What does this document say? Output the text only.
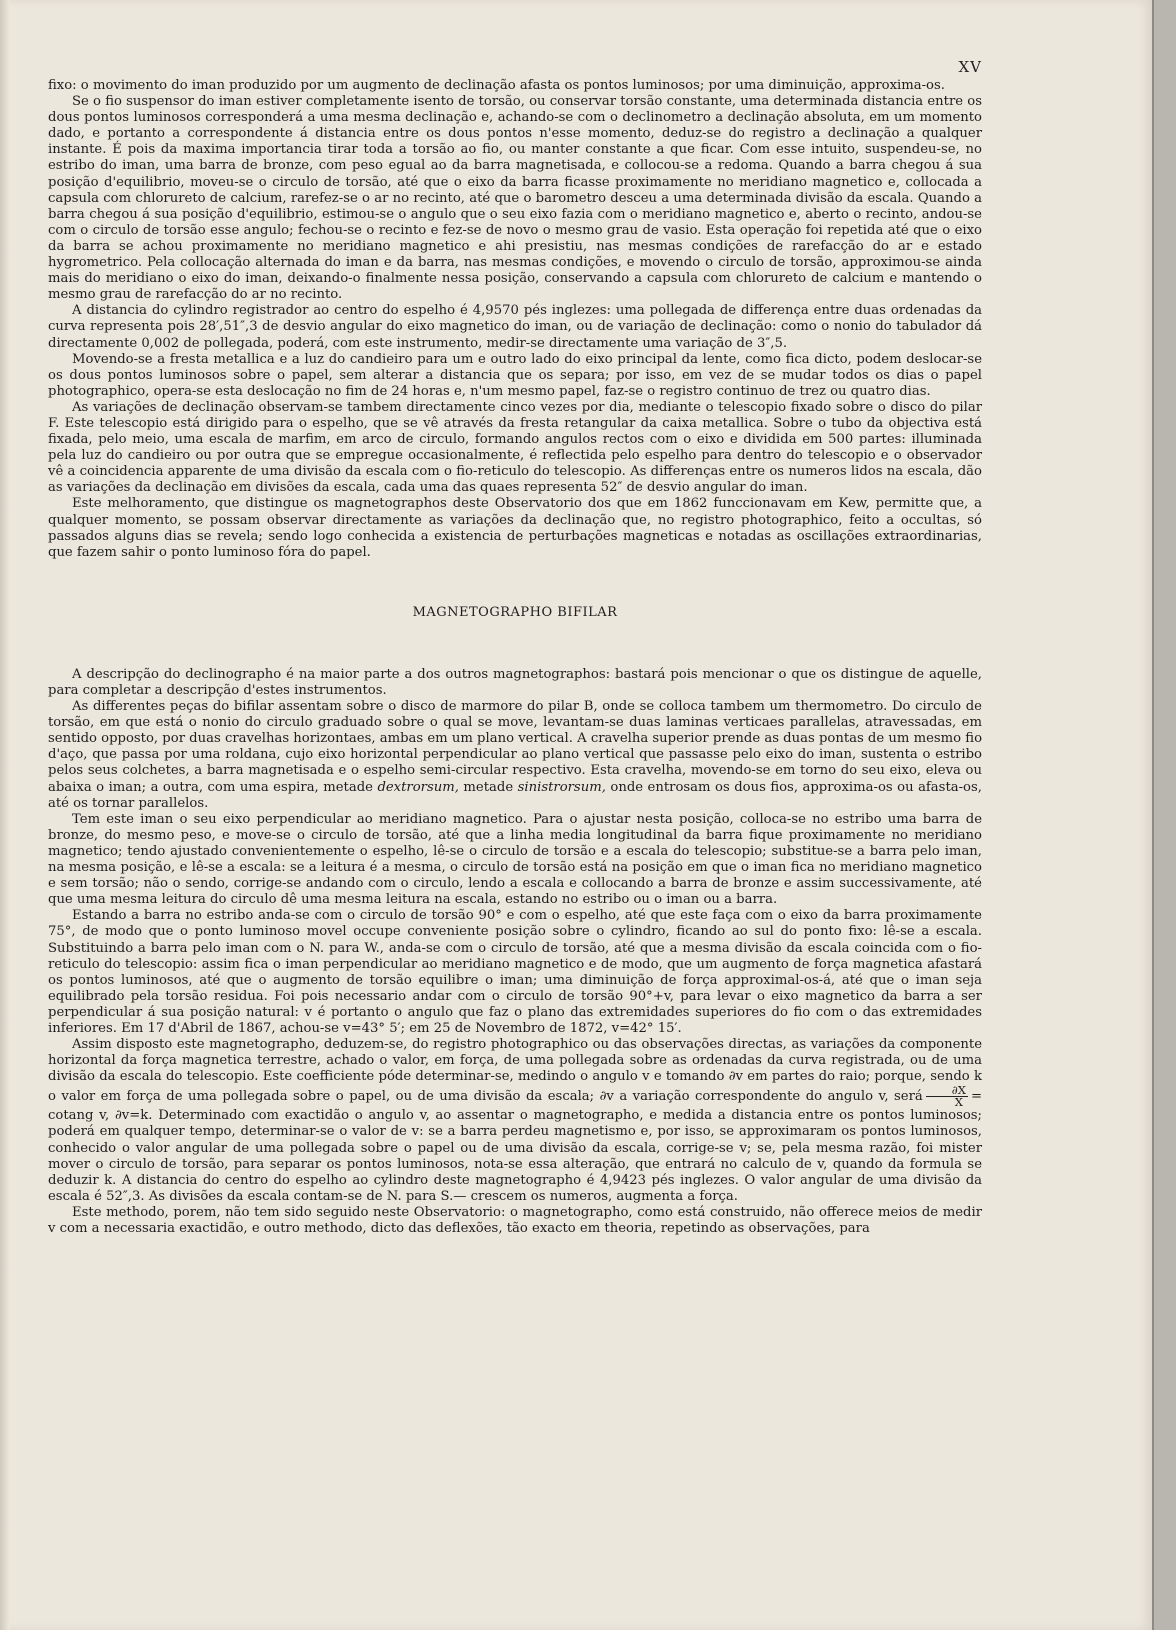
XV

fixo: o movimento do iman produzido por um augmento de declinação afasta os pontos luminosos; por uma diminuição, approxima-os.

Se o fio suspensor do iman estiver completamente isento de torsão, ou conservar torsão constante, uma determinada distancia entre os dous pontos luminosos corresponderá a uma mesma declinação e, achando-se com o declinometro a declinação absoluta, em um momento dado, e portanto a correspondente á distancia entre os dous pontos n'esse momento, deduz-se do registro a declinação a qualquer instante. É pois da maxima importancia tirar toda a torsão ao fio, ou manter constante a que ficar. Com esse intuito, suspendeu-se, no estribo do iman, uma barra de bronze, com peso egual ao da barra magnetisada, e collocou-se a redoma. Quando a barra chegou á sua posição d'equilibrio, moveu-se o circulo de torsão, até que o eixo da barra ficasse proximamente no meridiano magnetico e, collocada a capsula com chlorureto de calcium, rarefez-se o ar no recinto, até que o barometro desceu a uma determinada divisão da escala. Quando a barra chegou á sua posição d'equilibrio, estimou-se o angulo que o seu eixo fazia com o meridiano magnetico e, aberto o recinto, andou-se com o circulo de torsão esse angulo; fechou-se o recinto e fez-se de novo o mesmo grau de vasio. Esta operação foi repetida até que o eixo da barra se achou proximamente no meridiano magnetico e ahi presistiu, nas mesmas condições de rarefacção do ar e estado hygrometrico. Pela collocação alternada do iman e da barra, nas mesmas condições, e movendo o circulo de torsão, approximou-se ainda mais do meridiano o eixo do iman, deixando-o finalmente nessa posição, conservando a capsula com chlorureto de calcium e mantendo o mesmo grau de rarefacção do ar no recinto.

A distancia do cylindro registrador ao centro do espelho é 4,9570 pés inglezes: uma pollegada de differença entre duas ordenadas da curva representa pois 28′,51″,3 de desvio angular do eixo magnetico do iman, ou de variação de declinação: como o nonio do tabulador dá directamente 0,002 de pollegada, poderá, com este instrumento, medir-se directamente uma variação de 3″,5.

Movendo-se a fresta metallica e a luz do candieiro para um e outro lado do eixo principal da lente, como fica dicto, podem deslocar-se os dous pontos luminosos sobre o papel, sem alterar a distancia que os separa; por isso, em vez de se mudar todos os dias o papel photographico, opera-se esta deslocação no fim de 24 horas e, n'um mesmo papel, faz-se o registro continuo de trez ou quatro dias.

As variações de declinação observam-se tambem directamente cinco vezes por dia, mediante o telescopio fixado sobre o disco do pilar F. Este telescopio está dirigido para o espelho, que se vê através da fresta retangular da caixa metallica. Sobre o tubo da objectiva está fixada, pelo meio, uma escala de marfim, em arco de circulo, formando angulos rectos com o eixo e dividida em 500 partes: illuminada pela luz do candieiro ou por outra que se empregue occasionalmente, é reflectida pelo espelho para dentro do telescopio e o observador vê a coincidencia apparente de uma divisão da escala com o fio-reticulo do telescopio. As differenças entre os numeros lidos na escala, dão as variações da declinação em divisões da escala, cada uma das quaes representa 52″ de desvio angular do iman.

Este melhoramento, que distingue os magnetographos deste Observatorio dos que em 1862 funccionavam em Kew, permitte que, a qualquer momento, se possam observar directamente as variações da declinação que, no registro photographico, feito a occultas, só passados alguns dias se revela; sendo logo conhecida a existencia de perturbações magneticas e notadas as oscillações extraordinarias, que fazem sahir o ponto luminoso fóra do papel.

MAGNETOGRAPHO BIFILAR

A descripção do declinographo é na maior parte a dos outros magnetographos: bastará pois mencionar o que os distingue de aquelle, para completar a descripção d'estes instrumentos.

As differentes peças do bifilar assentam sobre o disco de marmore do pilar B, onde se colloca tambem um thermometro. Do circulo de torsão, em que está o nonio do circulo graduado sobre o qual se move, levantam-se duas laminas verticaes parallelas, atravessadas, em sentido opposto, por duas cravelhas horizontaes, ambas em um plano vertical. A cravelha superior prende as duas pontas de um mesmo fio d'aço, que passa por uma roldana, cujo eixo horizontal perpendicular ao plano vertical que passasse pelo eixo do iman, sustenta o estribo pelos seus colchetes, a barra magnetisada e o espelho semi-circular respectivo. Esta cravelha, movendo-se em torno do seu eixo, eleva ou abaixa o iman; a outra, com uma espira, metade dextrorsum, metade sinistrorsum, onde entrosam os dous fios, approxima-os ou afasta-os, até os tornar parallelos.

Tem este iman o seu eixo perpendicular ao meridiano magnetico. Para o ajustar nesta posição, colloca-se no estribo uma barra de bronze, do mesmo peso, e move-se o circulo de torsão, até que a linha media longitudinal da barra fique proximamente no meridiano magnetico; tendo ajustado convenientemente o espelho, lê-se o circulo de torsão e a escala do telescopio; substitue-se a barra pelo iman, na mesma posição, e lê-se a escala: se a leitura é a mesma, o circulo de torsão está na posição em que o iman fica no meridiano magnetico e sem torsão; não o sendo, corrige-se andando com o circulo, lendo a escala e collocando a barra de bronze e assim successivamente, até que uma mesma leitura do circulo dê uma mesma leitura na escala, estando no estribo ou o iman ou a barra.

Estando a barra no estribo anda-se com o circulo de torsão 90° e com o espelho, até que este faça com o eixo da barra proximamente 75°, de modo que o ponto luminoso movel occupe conveniente posição sobre o cylindro, ficando ao sul do ponto fixo: lê-se a escala. Substituindo a barra pelo iman com o N. para W., anda-se com o circulo de torsão, até que a mesma divisão da escala coincida com o fio-reticulo do telescopio: assim fica o iman perpendicular ao meridiano magnetico e de modo, que um augmento de força magnetica afastará os pontos luminosos, até que o augmento de torsão equilibre o iman; uma diminuição de força approximal-os-á, até que o iman seja equilibrado pela torsão residua. Foi pois necessario andar com o circulo de torsão 90°+v, para levar o eixo magnetico da barra a ser perpendicular á sua posição natural: v é portanto o angulo que faz o plano das extremidades superiores do fio com o das extremidades inferiores. Em 17 d'Abril de 1867, achou-se v=43° 5′; em 25 de Novembro de 1872, v=42° 15′.

Assim disposto este magnetographo, deduzem-se, do registro photographico ou das observações directas, as variações da componente horizontal da força magnetica terrestre, achado o valor, em força, de uma pollegada sobre as ordenadas da curva registrada, ou de uma divisão da escala do telescopio. Este coefficiente póde determinar-se, medindo o angulo v e tomando ∂v em partes do raio; porque, sendo k o valor em força de uma pollegada sobre o papel, ou de uma divisão da escala; ∂v a variação correspondente do angulo v, será $\frac{\partial X}{X} = cotang$ v, ∂v=k. Determinado com exactidão o angulo v, ao assentar o magnetographo, e medida a distancia entre os pontos luminosos; poderá em qualquer tempo, determinar-se o valor de v: se a barra perdeu magnetismo e, por isso, se approximaram os pontos luminosos, conhecido o valor angular de uma pollegada sobre o papel ou de uma divisão da escala, corrige-se v; se, pela mesma razão, foi mister mover o circulo de torsão, para separar os pontos luminosos, nota-se essa alteração, que entrará no calculo de v, quando da formula se deduzir k. A distancia do centro do espelho ao cylindro deste magnetographo é 4,9423 pés inglezes. O valor angular de uma divisão da escala é 52″,3. As divisões da escala contam-se de N. para S.— crescem os numeros, augmenta a força.

Este methodo, porem, não tem sido seguido neste Observatorio: o magnetographo, como está construido, não offerece meios de medir v com a necessaria exactidão, e outro methodo, dicto das deflexões, tão exacto em theoria, repetindo as observações, para
